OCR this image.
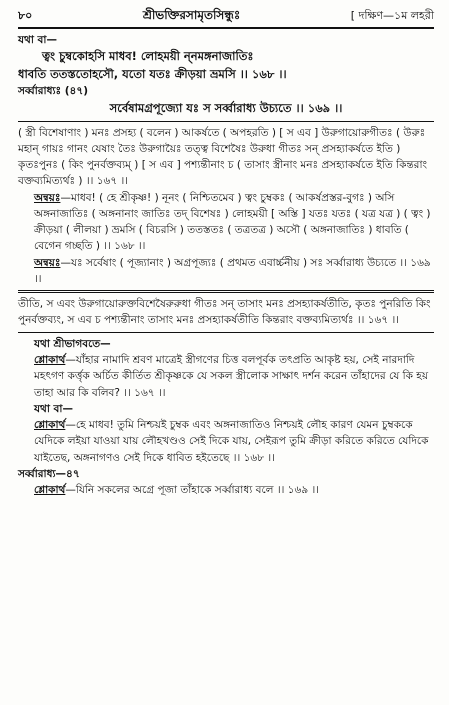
৮০	শ্রীভক্তিরসামৃতসিন্ধুঃ	[ দক্ষিণ—১ম লহরী

যথা বা—

ত্বং চুম্বকোহসি মাধব! লোহময়ী ন্‌নমঙ্গনাজাতিঃ

ধাবতি ততস্ততোহসৌ, যতো যতঃ ক্রীড়য়া ভ্রমসি ।। ১৬৮ ।।

সর্ব্বারাধ্যঃ (৪৭)

সর্বেষামগ্রপূজ্যো যঃ স সর্ব্বারাধ্য উচ্যতে ।। ১৬৯ ।।

( স্ত্রী বিশেষাণাং ) মনঃ প্রসহ্য ( বলেন ) আকর্ষতে ( অপহরতি ) [ স এব ] উরুগায়োরুগীতঃ ( উরুঃ মহান্‌ গায়ঃ গানং যেষাং তৈঃ উরুগায়ৈঃ তত্ত্ব বিশেষৈঃ উরুধা গীতঃ সন্‌ প্রসহ্যাকর্ষতে ইতি ) কৃতঃপুনঃ ( কিং পুনর্বক্তব্যম্‌ ) [ স এব ] পশ্যন্তীনাং চ ( তাসাং স্ত্রীনাং মনঃ প্রসহ্যাকর্ষতে ইতি কিন্তরাং বক্তব্যমিত্যর্থঃ ) ।। ১৬৭ ।।

অন্বয়ঃ—মাধব! ( হে শ্রীকৃষ্ণ! ) নূনং ( নিশ্চিতমেব ) ত্বং চুম্বকঃ ( আকর্ষপ্রস্তর-বুগঃ ) অসি অঙ্গনাজাতিঃ ( অঙ্গনানাং জাতিঃ তদ্‌ বিশেষঃ ) লোহময়ী [ অস্তি ] যতঃ যতঃ ( যত্র যত্র ) ( ত্বং ) ক্রীড়য়া ( লীলয়া ) ভ্রমসি ( বিচরসি ) ততস্ততঃ ( তত্রতত্র ) অসৌ ( অঙ্গনাজাতিঃ ) ধাবতি ( বেগেন গচ্ছতি ) ।। ১৬৮ ।।

অন্বয়ঃ—যঃ সর্বেষাং ( পূজ্যানাং ) অগ্রপূজ্যঃ ( প্রথমত এবার্চ্চনীয় ) সঃ সর্ব্বারাধ্য উচ্যতে ।। ১৬৯ ।।

তীতি, স এবং উরুগায়োরুক্তবিশেষৈরুরুধা গীতঃ সন্‌ তাসাং মনঃ প্রসহ্যাকর্ষতীতি, কৃতঃ পুনরিতি কিং পুনর্বক্তব্যং, স এব চ পশ্যন্তীনাং তাসাং মনঃ প্রসহ্যাকর্ষতীতি কিন্তরাং বক্তব্যমিত্যর্থঃ ।। ১৬৭ ।।

যথা শ্রীভাগবতে—

শ্লোকার্থ—যাঁহার নামাদি শ্রবণ মাত্রেই স্ত্রীগণের চিত্ত বলপূর্বক তৎপ্রতি আকৃষ্ট হয়, সেই নারদাদি মহৎগণ কর্ত্তৃক অর্চিত কীর্তিত শ্রীকৃষ্ণকে যে সকল স্ত্রীলোক সাক্ষাৎ দর্শন করেন তাঁহাদের যে কি হয় তাহা আর কি বলিব? ।। ১৬৭ ।।

যথা বা—

শ্লোকার্থ—হে মাধব! তুমি নিশ্চয়ই চুম্বক এবং অঙ্গনাজাতিও নিশ্চয়ই লৌহ কারণ যেমন চুম্বককে যেদিকে লইয়া যাওয়া যায় লৌহখণ্ডও সেই দিকে যায়, সেইরূপ তুমি ক্রীড়া করিতে করিতে যেদিকে যাইতেছ, অঙ্গনাগণও সেই দিকে ধাবিত হইতেছে ।। ১৬৮ ।।

সর্ব্বারাধ্য—৪৭

শ্লোকার্থ—যিনি সকলের অগ্রে পূজা তাঁহাকে সর্ব্বারাধ্য বলে ।। ১৬৯ ।।
